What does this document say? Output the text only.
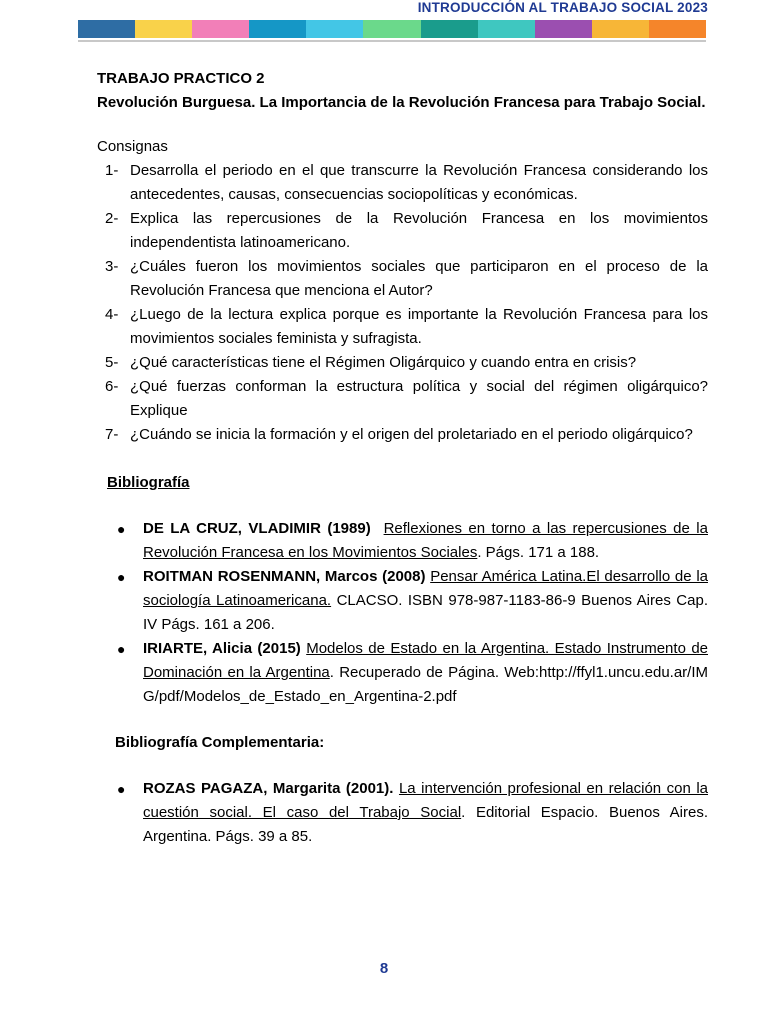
INTRODUCCIÓN AL TRABAJO SOCIAL 2023

TRABAJO PRACTICO 2

Revolución Burguesa. La Importancia de la Revolución Francesa para Trabajo Social.

Consignas

1- Desarrolla el periodo en el que transcurre la Revolución Francesa considerando los antecedentes, causas, consecuencias sociopolíticas y económicas.
2- Explica las repercusiones de la Revolución Francesa en los movimientos independentista latinoamericano.
3- ¿Cuáles fueron los movimientos sociales que participaron en el proceso de la Revolución Francesa que menciona el Autor?
4- ¿Luego de la lectura explica porque es importante la Revolución Francesa para los movimientos sociales feminista y sufragista.
5- ¿Qué características tiene el Régimen Oligárquico y cuando entra en crisis?
6- ¿Qué fuerzas conforman la estructura política y social del régimen oligárquico? Explique
7- ¿Cuándo se inicia la formación y el origen del proletariado en el periodo oligárquico?

Bibliografía

● DE LA CRUZ, VLADIMIR (1989) Reflexiones en torno a las repercusiones de la Revolución Francesa en los Movimientos Sociales. Págs. 171 a 188.
● ROITMAN ROSENMANN, Marcos (2008) Pensar América Latina.El desarrollo de la sociología Latinoamericana. CLACSO. ISBN 978-987-1183-86-9 Buenos Aires Cap. IV Págs. 161 a 206.
● IRIARTE, Alicia (2015) Modelos de Estado en la Argentina. Estado Instrumento de Dominación en la Argentina. Recuperado de Página. Web:http://ffyl1.uncu.edu.ar/IMG/pdf/Modelos_de_Estado_en_Argentina-2.pdf

Bibliografía Complementaria:

● ROZAS PAGAZA, Margarita (2001). La intervención profesional en relación con la cuestión social. El caso del Trabajo Social. Editorial Espacio. Buenos Aires. Argentina. Págs. 39 a 85.
8
